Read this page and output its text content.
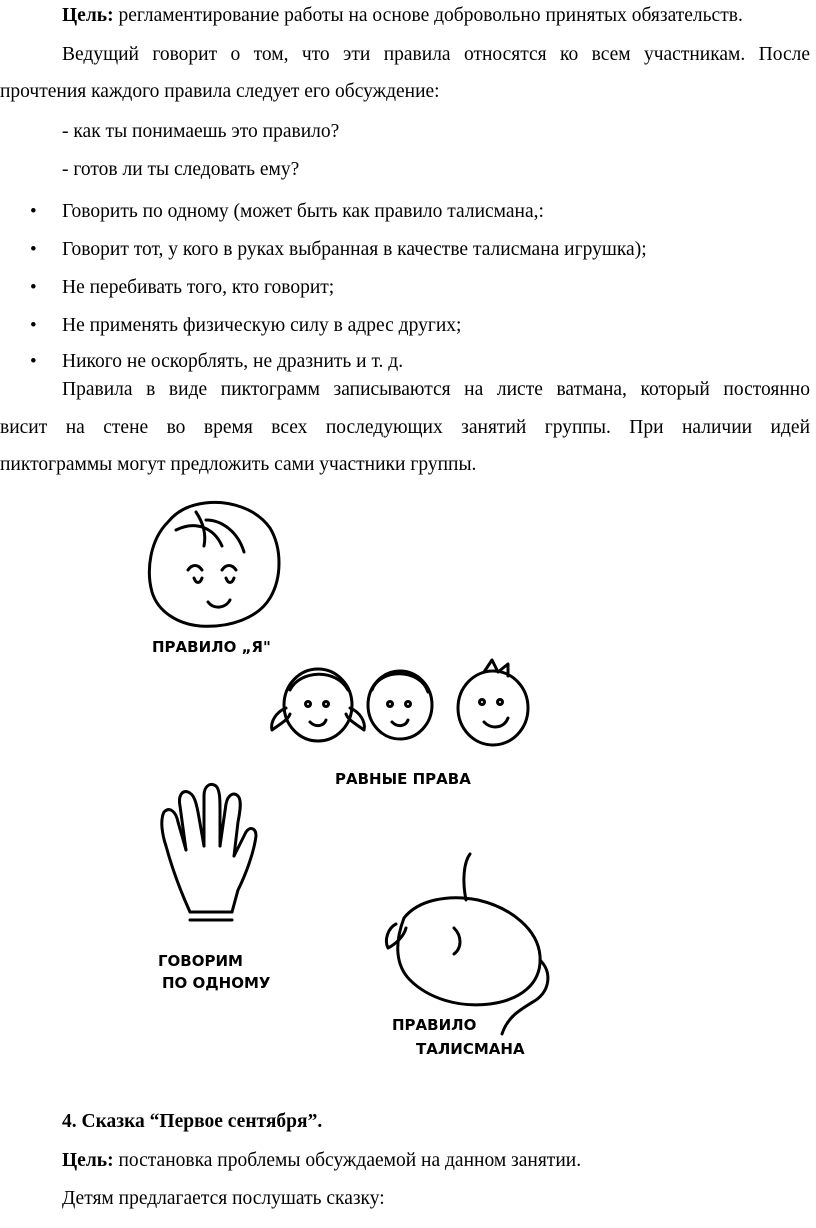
Цель: регламентирование работы на основе добровольно принятых обязательств.
Ведущий говорит о том, что эти правила относятся ко всем участникам. После
прочтения каждого правила следует его обсуждение:
- как ты понимаешь это правило?
- готов ли ты следовать ему?
• Говорить по одному (может быть как правило талисмана,:
• Говорит тот, у кого в руках выбранная в качестве талисмана игрушка);
• Не перебивать того, кто говорит;
• Не применять физическую силу в адрес других;
• Никого не оскорблять, не дразнить и т. д.
Правила в виде пиктограмм записываются на листе ватмана, который постоянно
висит на стене во время всех последующих занятий группы. При наличии идей
пиктограммы могут предложить сами участники группы.
ПРАВИЛО „Я"
РАВНЫЕ ПРАВА
ГОВОРИМ
ПО ОДНОМУ
ПРАВИЛО
ТАЛИСМАНА
4. Сказка “Первое сентября”.
Цель: постановка проблемы обсуждаемой на данном занятии.
Детям предлагается послушать сказку:
